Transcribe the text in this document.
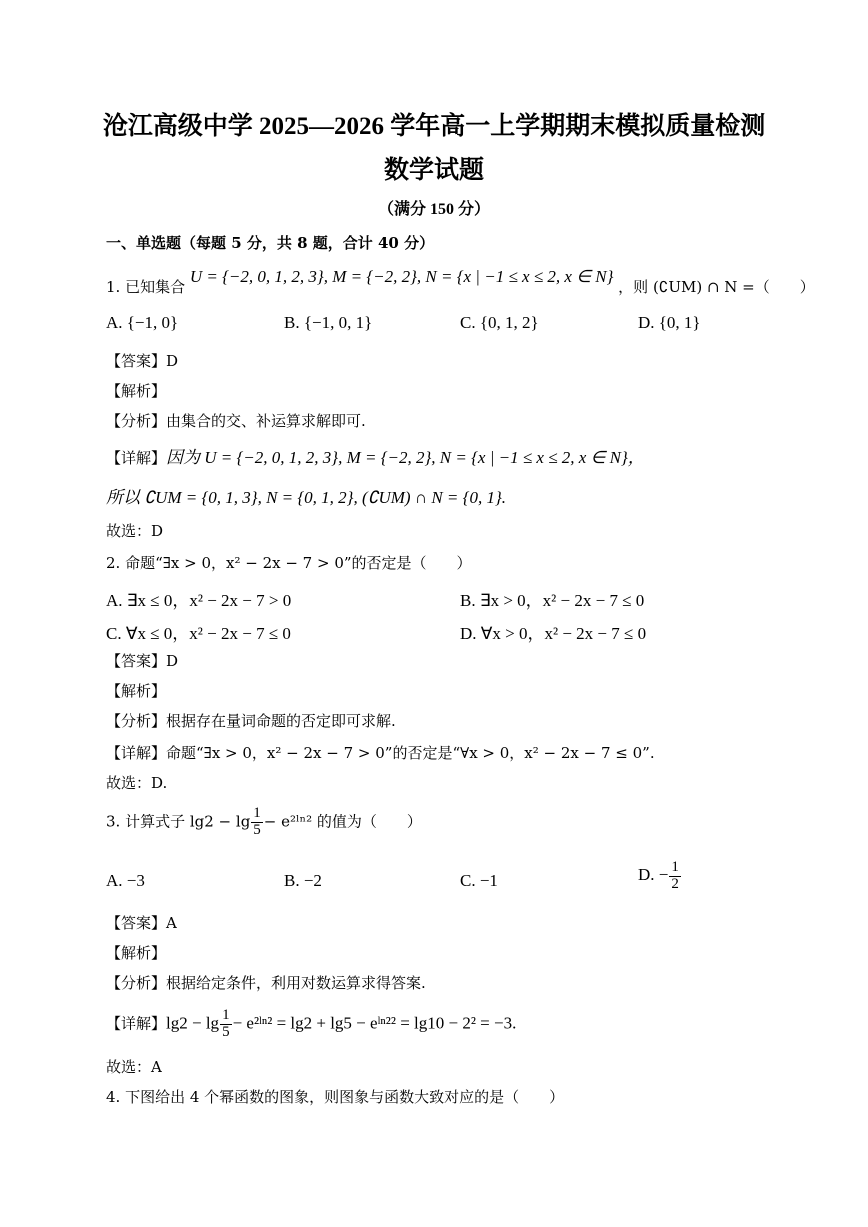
沧江高级中学 2025—2026 学年高一上学期期末模拟质量检测
数学试题
（满分 150 分）
一、单选题（每题 5 分，共 8 题，合计 40 分）
1. 已知集合 U = {−2, 0, 1, 2, 3}, M = {−2, 2}, N = {x | −1 ≤ x ≤ 2, x ∈ N} ，则 (∁UM) ∩ N =（　　）
A. {−1, 0}	B. {−1, 0, 1}	C. {0, 1, 2}	D. {0, 1}
【答案】D
【解析】
【分析】由集合的交、补运算求解即可.
【详解】因为 U = {−2, 0, 1, 2, 3}, M = {−2, 2}, N = {x | −1 ≤ x ≤ 2, x ∈ N}，
所以 ∁UM = {0, 1, 3}, N = {0, 1, 2}, (∁UM) ∩ N = {0, 1}.
故选：D
2. 命题“∃x > 0，x² − 2x − 7 > 0”的否定是（　　）
A. ∃x ≤ 0，x² − 2x − 7 > 0	B. ∃x > 0，x² − 2x − 7 ≤ 0
C. ∀x ≤ 0，x² − 2x − 7 ≤ 0	D. ∀x > 0，x² − 2x − 7 ≤ 0
【答案】D
【解析】
【分析】根据存在量词命题的否定即可求解.
【详解】命题“∃x > 0，x² − 2x − 7 > 0”的否定是“∀x > 0，x² − 2x − 7 ≤ 0”.
故选：D.
3. 计算式子 $\lg 2 - \lg \frac{1}{5}$ − e²ˡⁿ² 的值为（　　）
A. −3	B. −2	C. −1	D. − $\frac{1}{2}$
【答案】A
【解析】
【分析】根据给定条件，利用对数运算求得答案.
【详解】$\lg 2 - \lg \frac{1}{5}$ − e²ˡⁿ² = lg2 + lg5 − eˡⁿ²² = lg10 − 2² = −3.
故选：A
4. 下图给出 4 个幂函数的图象，则图象与函数大致对应的是（　　）
